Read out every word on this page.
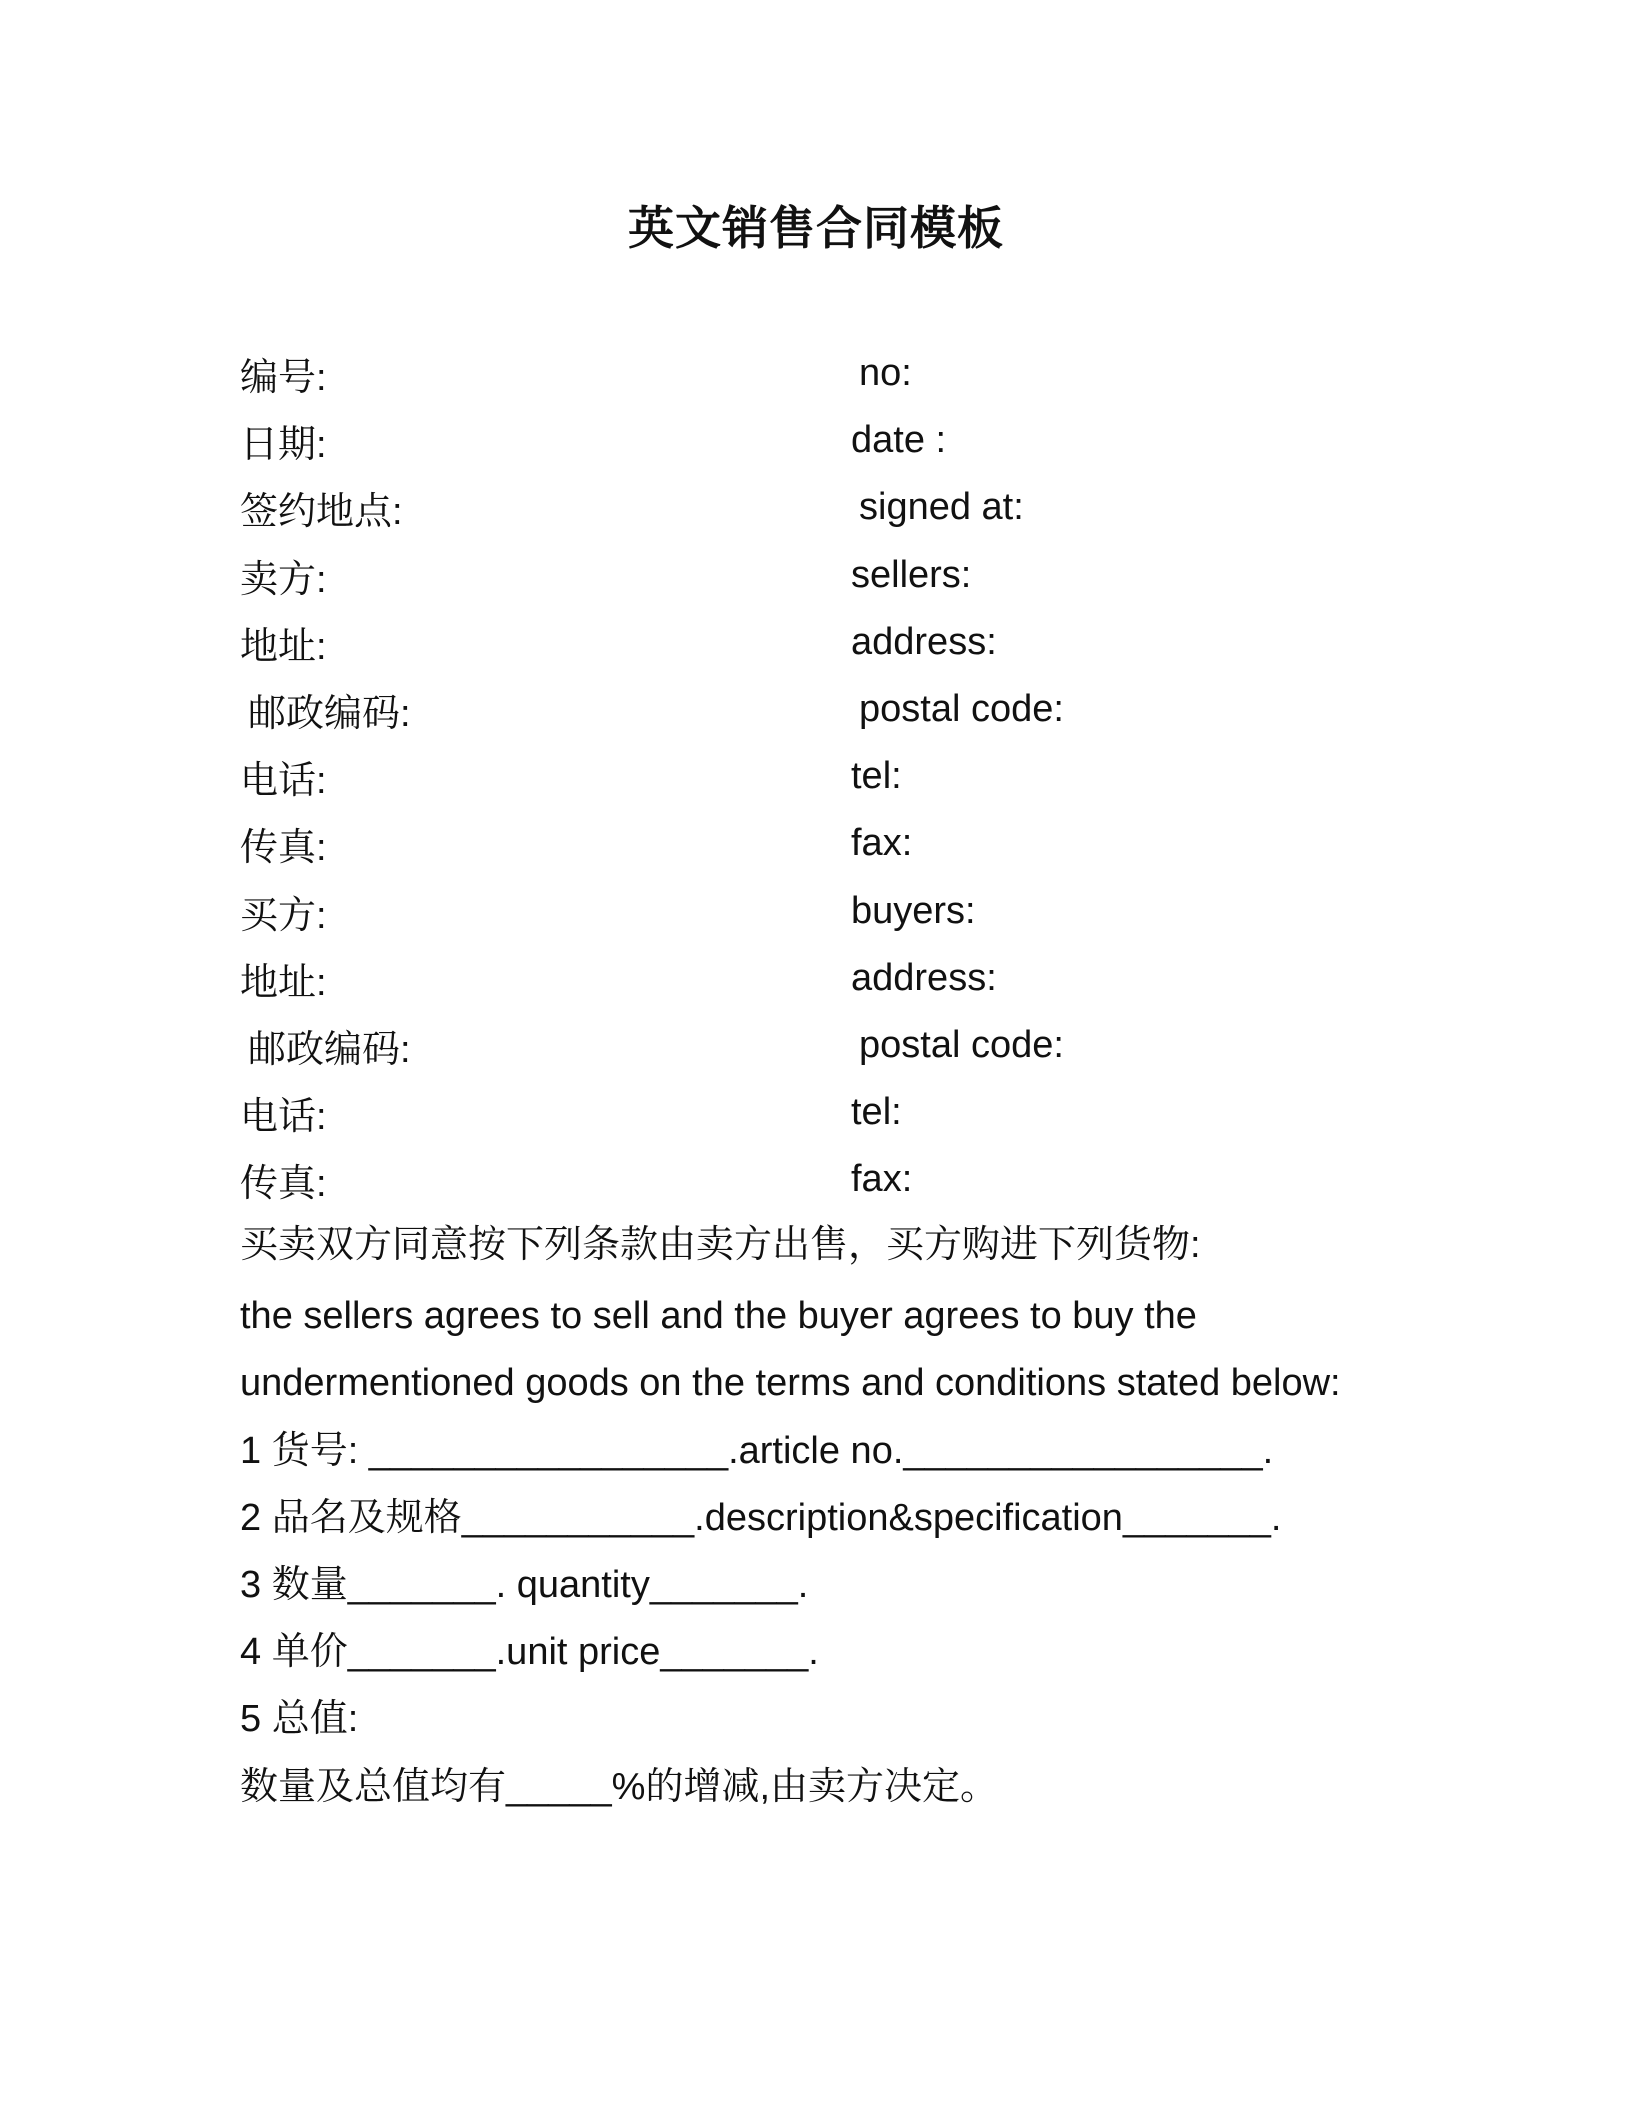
英文销售合同模板
编号:	no:
日期:	date :
签约地点:	signed at:
卖方:	sellers:
地址:	address:
邮政编码:	postal code:
电话:	tel:
传真:	fax:
买方:	buyers:
地址:	address:
邮政编码:	postal code:
电话:	tel:
传真:	fax:
买卖双方同意按下列条款由卖方出售，买方购进下列货物:

the sellers agrees to sell and the buyer agrees to buy the undermentioned goods on the terms and conditions stated below:

1 货号: _________________.article no._________________.
2 品名及规格___________.description&specification_______.
3 数量_______. quantity_______.
4 单价_______.unit price_______.
5 总值:
数量及总值均有_____%的增减,由卖方决定。
